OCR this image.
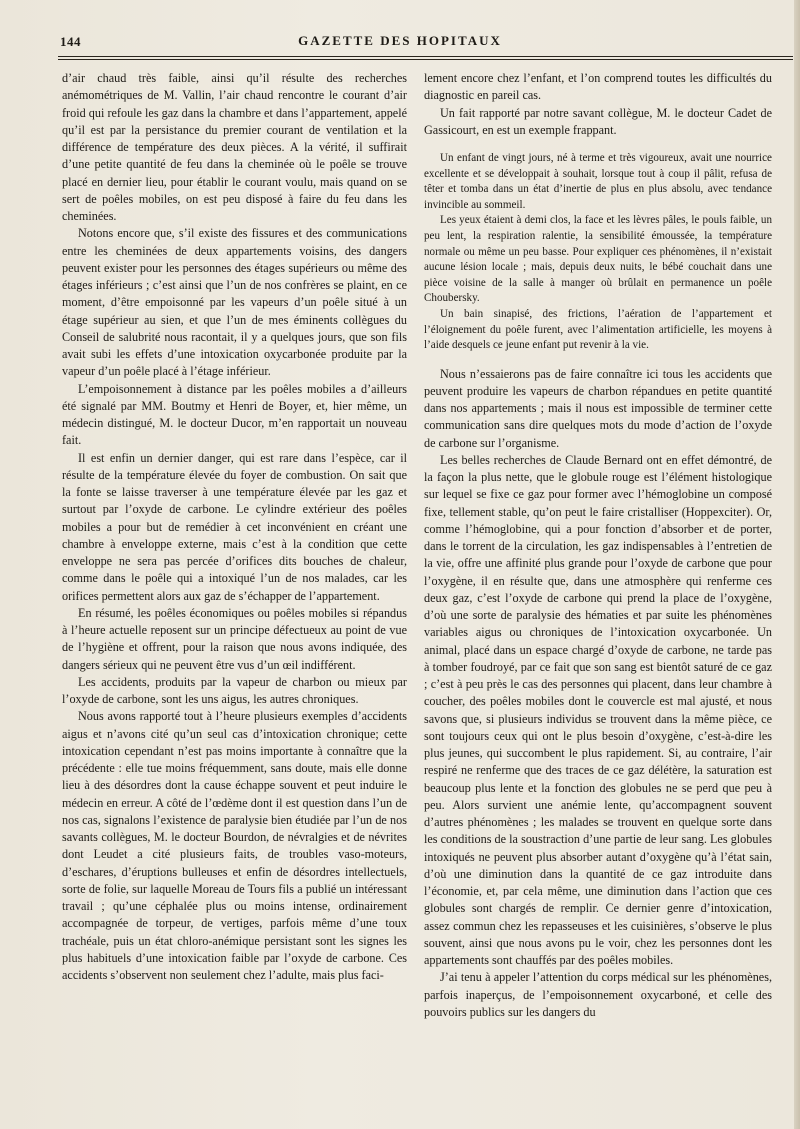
144	GAZETTE DES HOPITAUX

d’air chaud très faible, ainsi qu’il résulte des recherches anémométriques de M. Vallin, l’air chaud rencontre le courant d’air froid qui refoule les gaz dans la chambre et dans l’appartement, appelé qu’il est par la persistance du premier courant de ventilation et la différence de température des deux pièces. A la vérité, il suffirait d’une petite quantité de feu dans la cheminée où le poêle se trouve placé en dernier lieu, pour établir le courant voulu, mais quand on se sert de poêles mobiles, on est peu disposé à faire du feu dans les cheminées.

Notons encore que, s’il existe des fissures et des communications entre les cheminées de deux appartements voisins, des dangers peuvent exister pour les personnes des étages supérieurs ou même des étages inférieurs ; c’est ainsi que l’un de nos confrères se plaint, en ce moment, d’être empoisonné par les vapeurs d’un poêle situé à un étage supérieur au sien, et que l’un de mes éminents collègues du Conseil de salubrité nous racontait, il y a quelques jours, que son fils avait subi les effets d’une intoxication oxycarbonée produite par la vapeur d’un poêle placé à l’étage inférieur.

L’empoisonnement à distance par les poêles mobiles a d’ailleurs été signalé par MM. Boutmy et Henri de Boyer, et, hier même, un médecin distingué, M. le docteur Ducor, m’en rapportait un nouveau fait.

Il est enfin un dernier danger, qui est rare dans l’espèce, car il résulte de la température élevée du foyer de combustion. On sait que la fonte se laisse traverser à une température élevée par les gaz et surtout par l’oxyde de carbone. Le cylindre extérieur des poêles mobiles a pour but de remédier à cet inconvénient en créant une chambre à enveloppe externe, mais c’est à la condition que cette enveloppe ne sera pas percée d’orifices dits bouches de chaleur, comme dans le poêle qui a intoxiqué l’un de nos malades, car les orifices permettent alors aux gaz de s’échapper de l’appartement.

En résumé, les poêles économiques ou poêles mobiles si répandus à l’heure actuelle reposent sur un principe défectueux au point de vue de l’hygiène et offrent, pour la raison que nous avons indiquée, des dangers sérieux qui ne peuvent être vus d’un œil indifférent.

Les accidents, produits par la vapeur de charbon ou mieux par l’oxyde de carbone, sont les uns aigus, les autres chroniques.

Nous avons rapporté tout à l’heure plusieurs exemples d’accidents aigus et n’avons cité qu’un seul cas d’intoxication chronique; cette intoxication cependant n’est pas moins importante à connaître que la précédente : elle tue moins fréquemment, sans doute, mais elle donne lieu à des désordres dont la cause échappe souvent et peut induire le médecin en erreur. A côté de l’œdème dont il est question dans l’un de nos cas, signalons l’existence de paralysie bien étudiée par l’un de nos savants collègues, M. le docteur Bourdon, de névralgies et de névrites dont Leudet a cité plusieurs faits, de troubles vaso-moteurs, d’eschares, d’éruptions bulleuses et enfin de désordres intellectuels, sorte de folie, sur laquelle Moreau de Tours fils a publié un intéressant travail ; qu’une céphalée plus ou moins intense, ordinairement accompagnée de torpeur, de vertiges, parfois même d’une toux trachéale, puis un état chloro-anémique persistant sont les signes les plus habituels d’une intoxication faible par l’oxyde de carbone. Ces accidents s’observent non seulement chez l’adulte, mais plus faci-

lement encore chez l’enfant, et l’on comprend toutes les difficultés du diagnostic en pareil cas.

Un fait rapporté par notre savant collègue, M. le docteur Cadet de Gassicourt, en est un exemple frappant.

Un enfant de vingt jours, né à terme et très vigoureux, avait une nourrice excellente et se développait à souhait, lorsque tout à coup il pâlit, refusa de têter et tomba dans un état d’inertie de plus en plus absolu, avec tendance invincible au sommeil.

Les yeux étaient à demi clos, la face et les lèvres pâles, le pouls faible, un peu lent, la respiration ralentie, la sensibilité émoussée, la température normale ou même un peu basse. Pour expliquer ces phénomènes, il n’existait aucune lésion locale ; mais, depuis deux nuits, le bébé couchait dans une pièce voisine de la salle à manger où brûlait en permanence un poêle Choubersky.

Un bain sinapisé, des frictions, l’aération de l’appartement et l’éloignement du poêle furent, avec l’alimentation artificielle, les moyens à l’aide desquels ce jeune enfant put revenir à la vie.

Nous n’essaierons pas de faire connaître ici tous les accidents que peuvent produire les vapeurs de charbon répandues en petite quantité dans nos appartements ; mais il nous est impossible de terminer cette communication sans dire quelques mots du mode d’action de l’oxyde de carbone sur l’organisme.

Les belles recherches de Claude Bernard ont en effet démontré, de la façon la plus nette, que le globule rouge est l’élément histologique sur lequel se fixe ce gaz pour former avec l’hémoglobine un composé fixe, tellement stable, qu’on peut le faire cristalliser (Hoppexciter). Or, comme l’hémoglobine, qui a pour fonction d’absorber et de porter, dans le torrent de la circulation, les gaz indispensables à l’entretien de la vie, offre une affinité plus grande pour l’oxyde de carbone que pour l’oxygène, il en résulte que, dans une atmosphère qui renferme ces deux gaz, c’est l’oxyde de carbone qui prend la place de l’oxygène, d’où une sorte de paralysie des hématies et par suite les phénomènes variables aigus ou chroniques de l’intoxication oxycarbonée. Un animal, placé dans un espace chargé d’oxyde de carbone, ne tarde pas à tomber foudroyé, par ce fait que son sang est bientôt saturé de ce gaz ; c’est à peu près le cas des personnes qui placent, dans leur chambre à coucher, des poêles mobiles dont le couvercle est mal ajusté, et nous savons que, si plusieurs individus se trouvent dans la même pièce, ce sont toujours ceux qui ont le plus besoin d’oxygène, c’est-à-dire les plus jeunes, qui succombent le plus rapidement. Si, au contraire, l’air respiré ne renferme que des traces de ce gaz délétère, la saturation est beaucoup plus lente et la fonction des globules ne se perd que peu à peu. Alors survient une anémie lente, qu’accompagnent souvent d’autres phénomènes ; les malades se trouvent en quelque sorte dans les conditions de la soustraction d’une partie de leur sang. Les globules intoxiqués ne peuvent plus absorber autant d’oxygène qu’à l’état sain, d’où une diminution dans la quantité de ce gaz introduite dans l’économie, et, par cela même, une diminution dans l’action que ces globules sont chargés de remplir. Ce dernier genre d’intoxication, assez commun chez les repasseuses et les cuisinières, s’observe le plus souvent, ainsi que nous avons pu le voir, chez les personnes dont les appartements sont chauffés par des poêles mobiles.

J’ai tenu à appeler l’attention du corps médical sur les phénomènes, parfois inaperçus, de l’empoisonnement oxycarboné, et celle des pouvoirs publics sur les dangers du
